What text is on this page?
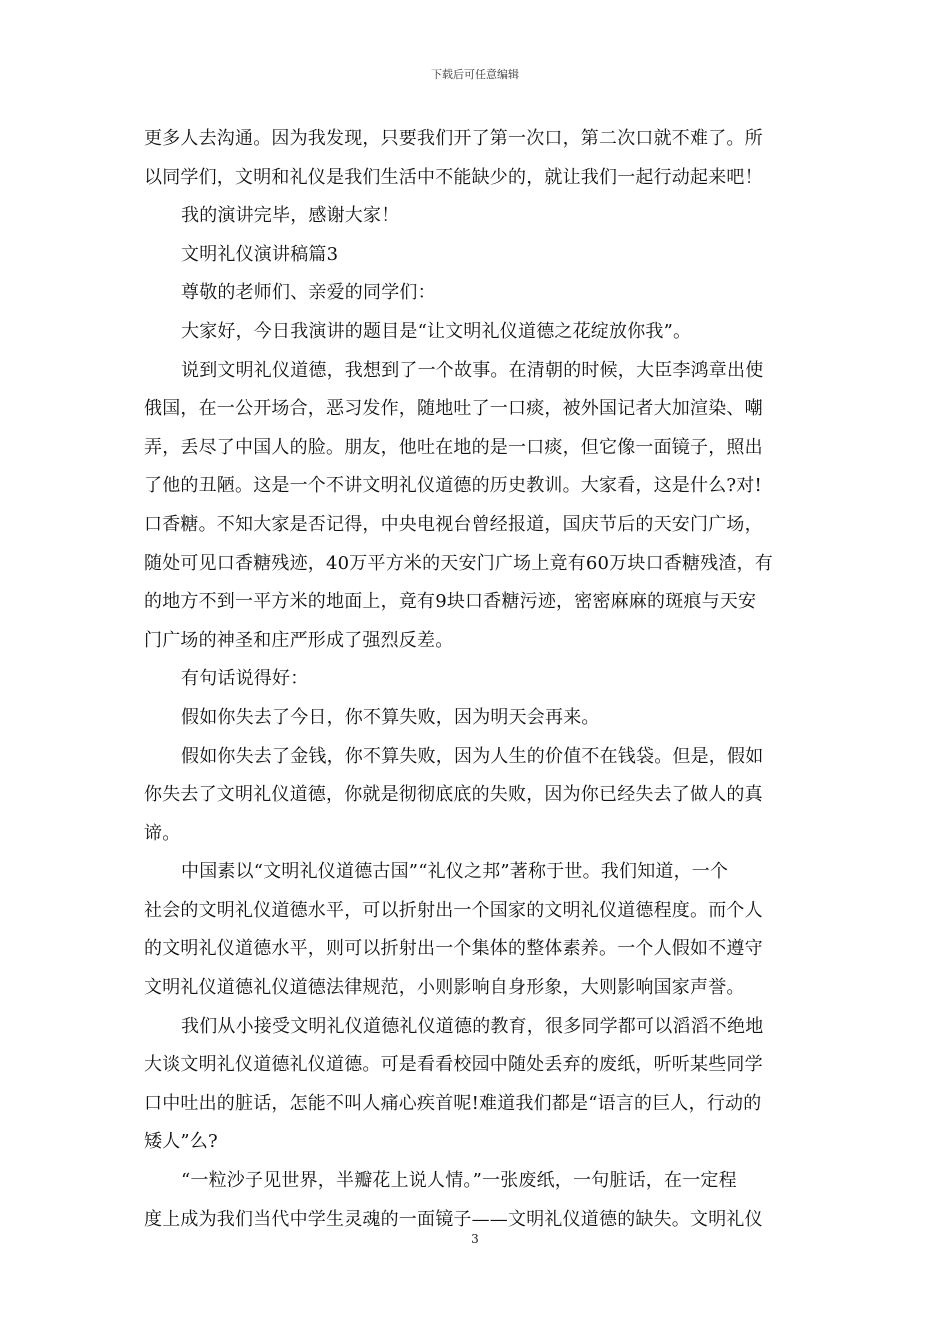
下载后可任意编辑
更多人去沟通。因为我发现，只要我们开了第一次口，第二次口就不难了。所
以同学们，文明和礼仪是我们生活中不能缺少的，就让我们一起行动起来吧！
我的演讲完毕，感谢大家！
文明礼仪演讲稿篇3
尊敬的老师们、亲爱的同学们：
大家好，今日我演讲的题目是“让文明礼仪道德之花绽放你我”。
说到文明礼仪道德，我想到了一个故事。在清朝的时候，大臣李鸿章出使
俄国，在一公开场合，恶习发作，随地吐了一口痰，被外国记者大加渲染、嘲
弄，丢尽了中国人的脸。朋友，他吐在地的是一口痰，但它像一面镜子，照出
了他的丑陋。这是一个不讲文明礼仪道德的历史教训。大家看，这是什么?对!
口香糖。不知大家是否记得，中央电视台曾经报道，国庆节后的天安门广场，
随处可见口香糖残迹，40万平方米的天安门广场上竟有60万块口香糖残渣，有
的地方不到一平方米的地面上，竟有9块口香糖污迹，密密麻麻的斑痕与天安
门广场的神圣和庄严形成了强烈反差。
有句话说得好：
假如你失去了今日，你不算失败，因为明天会再来。
假如你失去了金钱，你不算失败，因为人生的价值不在钱袋。但是，假如
你失去了文明礼仪道德，你就是彻彻底底的失败，因为你已经失去了做人的真
谛。
中国素以“文明礼仪道德古国”“礼仪之邦”著称于世。我们知道，一个
社会的文明礼仪道德水平，可以折射出一个国家的文明礼仪道德程度。而个人
的文明礼仪道德水平，则可以折射出一个集体的整体素养。一个人假如不遵守
文明礼仪道德礼仪道德法律规范，小则影响自身形象，大则影响国家声誉。
我们从小接受文明礼仪道德礼仪道德的教育，很多同学都可以滔滔不绝地
大谈文明礼仪道德礼仪道德。可是看看校园中随处丢弃的废纸，听听某些同学
口中吐出的脏话，怎能不叫人痛心疾首呢!难道我们都是“语言的巨人，行动的
矮人”么?
“一粒沙子见世界，半瓣花上说人情。”一张废纸，一句脏话，在一定程
度上成为我们当代中学生灵魂的一面镜子——文明礼仪道德的缺失。文明礼仪
3
